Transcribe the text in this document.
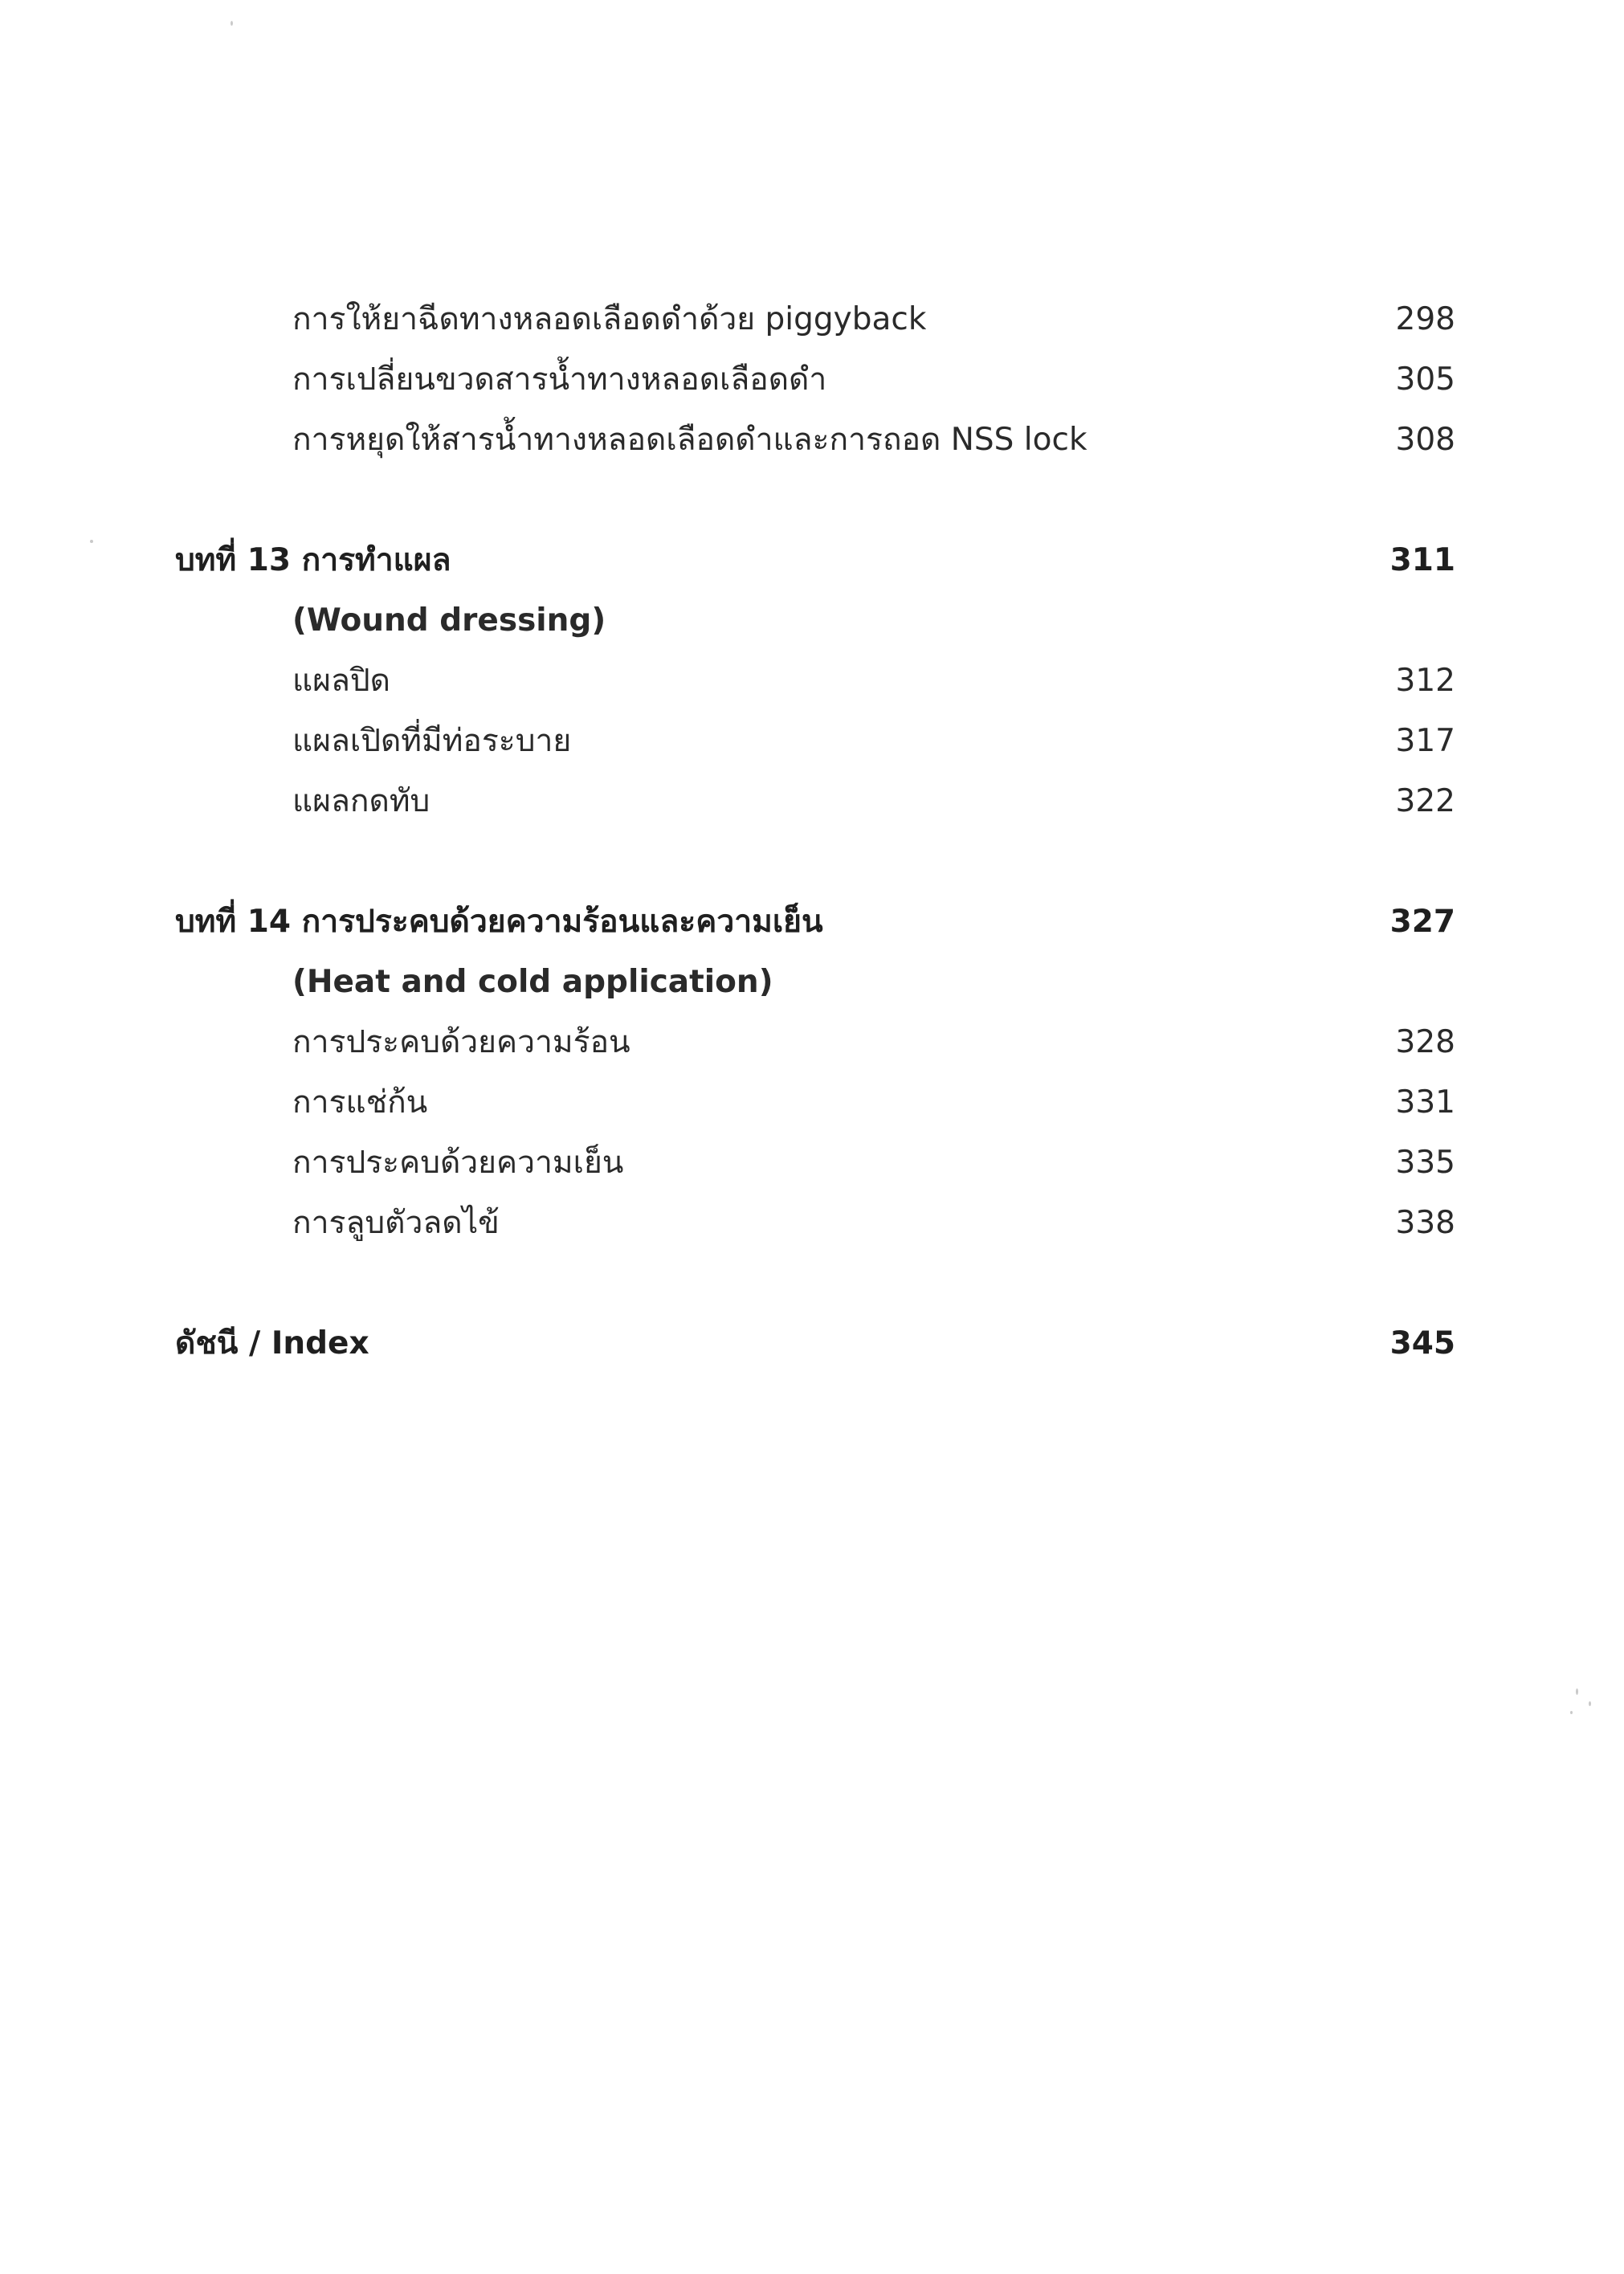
การให้ยาฉีดทางหลอดเลือดดำด้วย piggyback	298
การเปลี่ยนขวดสารน้ำทางหลอดเลือดดำ	305
การหยุดให้สารน้ำทางหลอดเลือดดำและการถอด NSS lock	308
บทที่ 13 การทำแผล	311
(Wound dressing)
แผลปิด	312
แผลเปิดที่มีท่อระบาย	317
แผลกดทับ	322
บทที่ 14 การประคบด้วยความร้อนและความเย็น	327
(Heat and cold application)
การประคบด้วยความร้อน	328
การแช่ก้น	331
การประคบด้วยความเย็น	335
การลูบตัวลดไข้	338
ดัชนี / Index	345
